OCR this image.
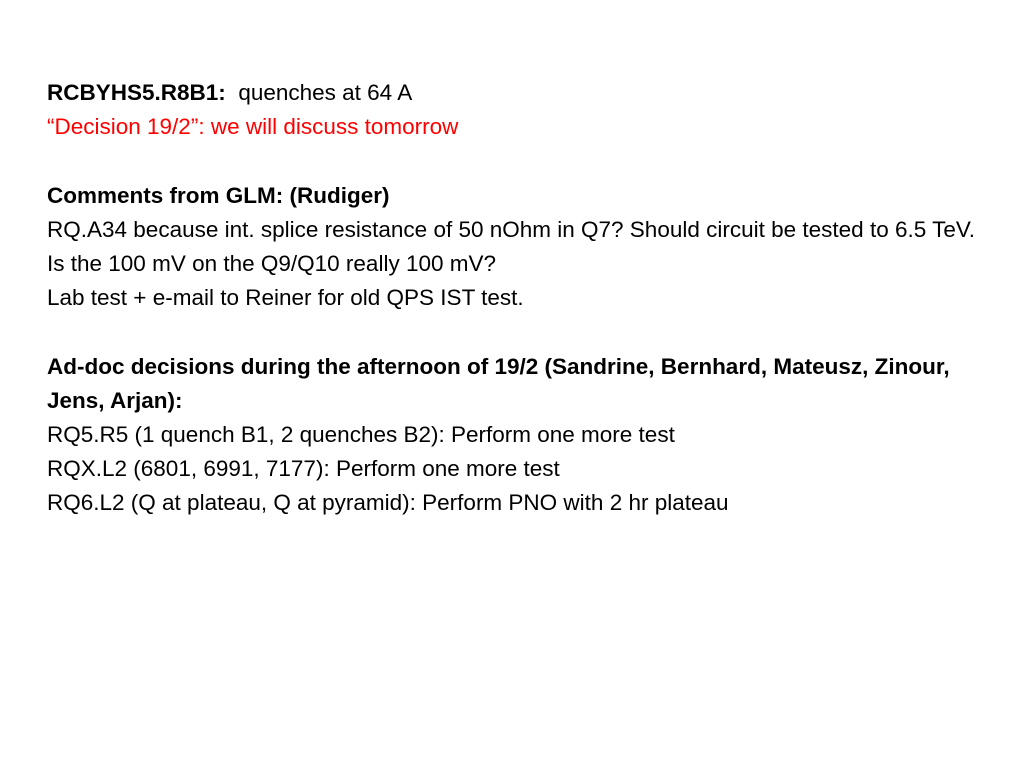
RCBYHS5.R8B1: quenches at 64 A
“Decision 19/2”: we will discuss tomorrow
Comments from GLM: (Rudiger)
RQ.A34 because int. splice resistance of 50 nOhm in Q7? Should circuit be tested to 6.5 TeV.
Is the 100 mV on the Q9/Q10 really 100 mV?
Lab test + e-mail to Reiner for old QPS IST test.
Ad-doc decisions during the afternoon of 19/2 (Sandrine, Bernhard, Mateusz, Zinour, Jens, Arjan):
RQ5.R5 (1 quench B1, 2 quenches B2): Perform one more test
RQX.L2 (6801, 6991, 7177): Perform one more test
RQ6.L2 (Q at plateau, Q at pyramid): Perform PNO with 2 hr plateau
